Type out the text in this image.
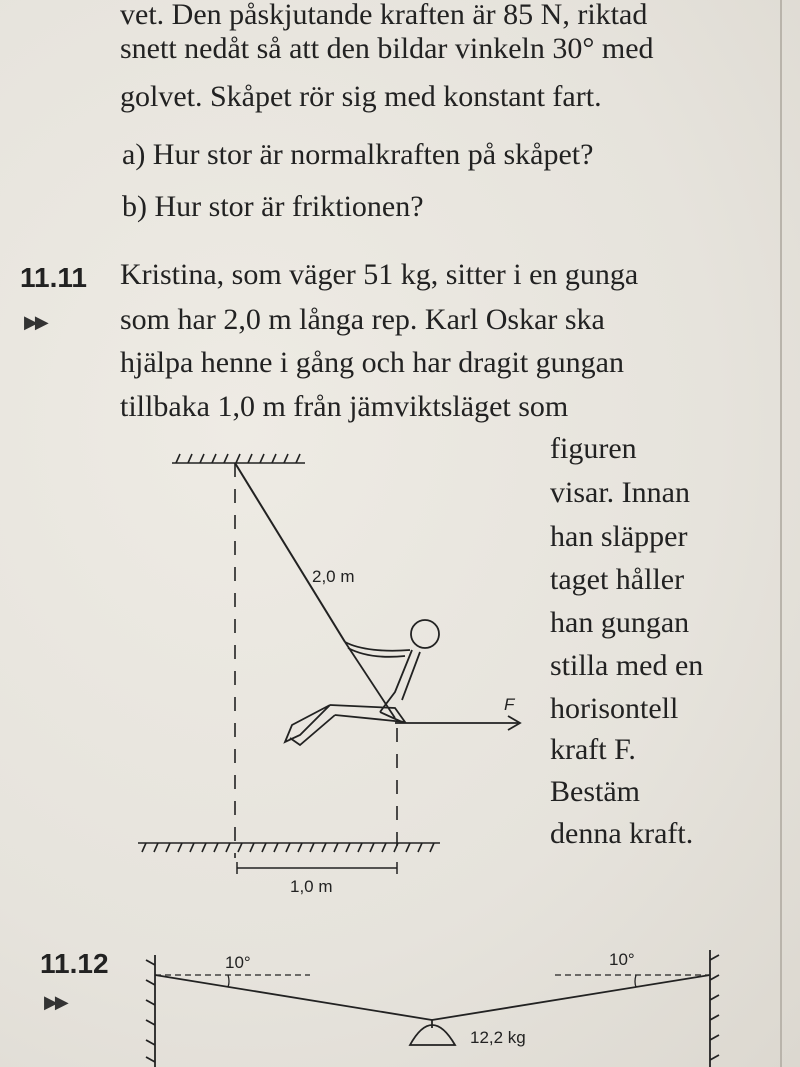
vet. Den påskjutande kraften är 85 N, riktad
snett nedåt så att den bildar vinkeln 30° med
golvet. Skåpet rör sig med konstant fart.
a) Hur stor är normalkraften på skåpet?
b) Hur stor är friktionen?
11.11
▶▶
Kristina, som väger 51 kg, sitter i en gunga
som har 2,0 m långa rep. Karl Oskar ska
hjälpa henne i gång och har dragit gungan
tillbaka 1,0 m från jämviktsläget som
figuren
visar. Innan
han släpper
taget håller
han gungan
stilla med en
horisontell
kraft F.
Bestäm
denna kraft.
F
2,0 m
1,0 m
10°	10°
12,2 kg
11.12
▶▶
